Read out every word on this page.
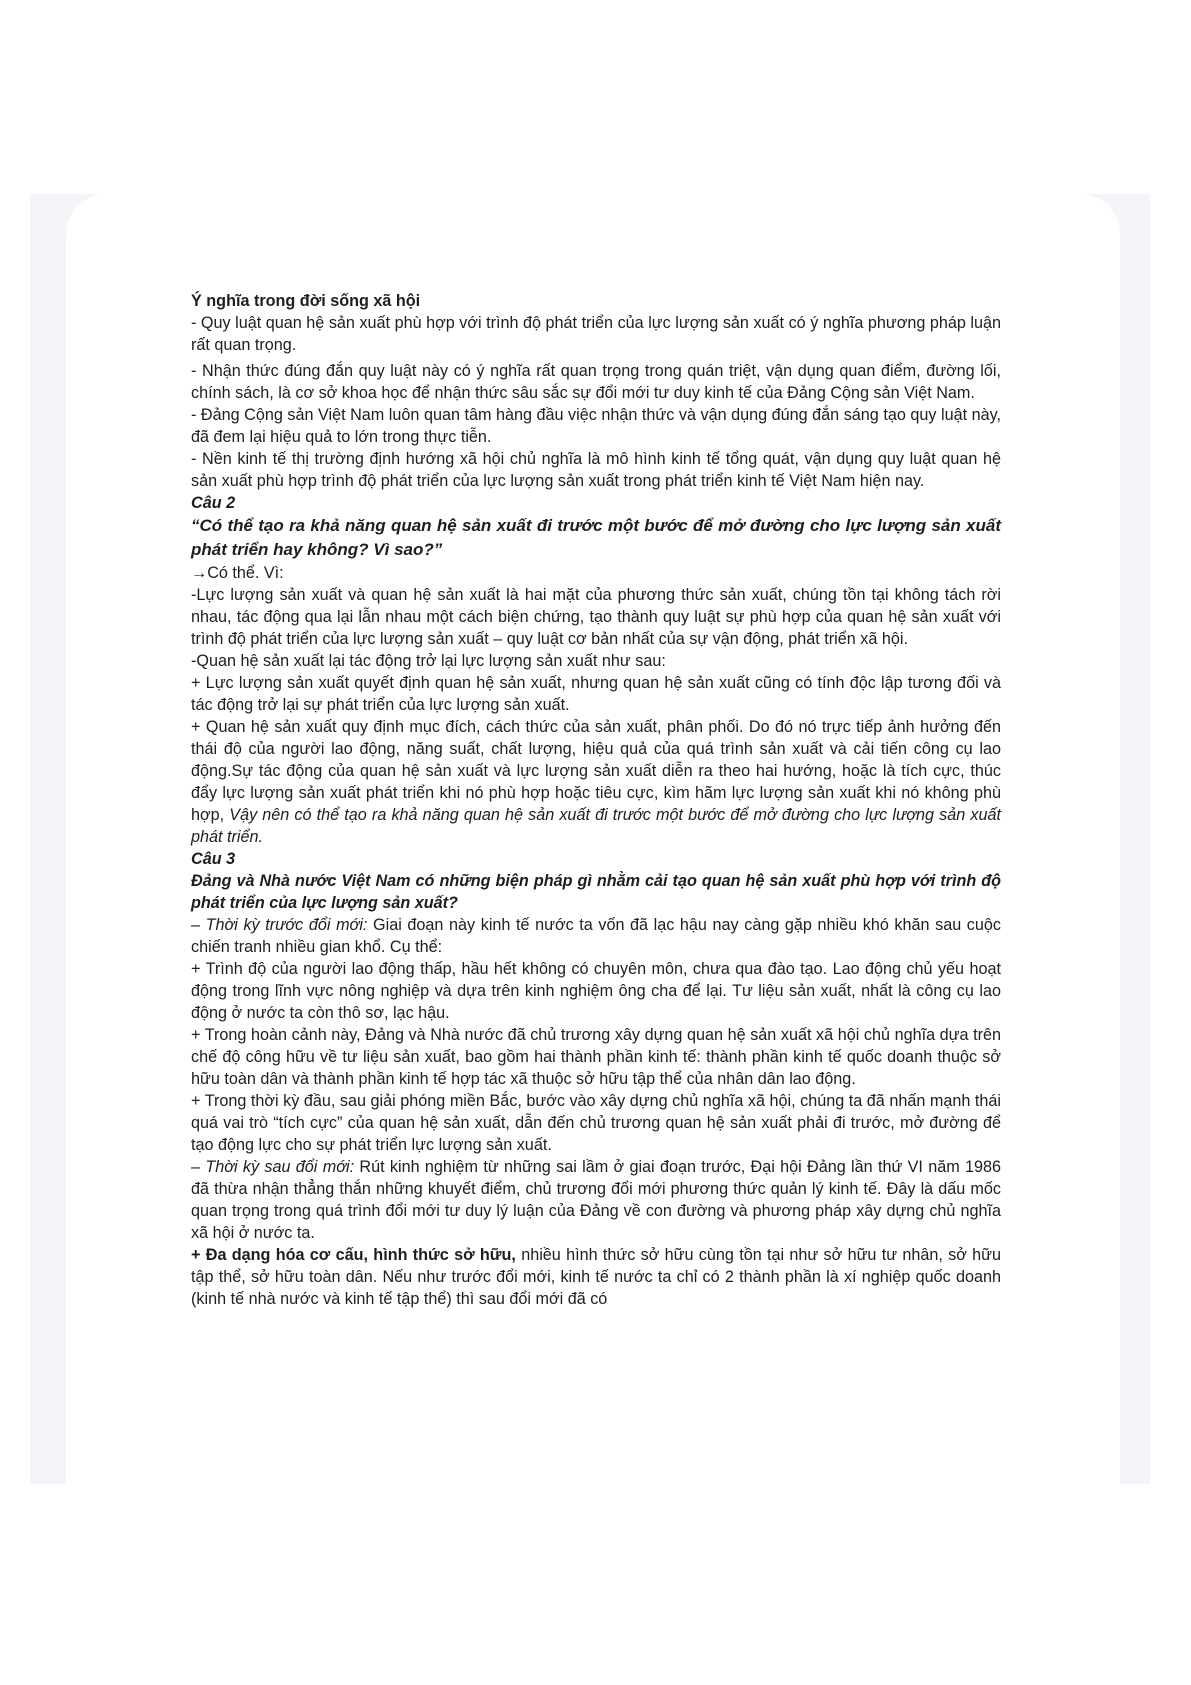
Ý nghĩa trong đời sống xã hội

- Quy luật quan hệ sản xuất phù hợp với trình độ phát triển của lực lượng sản xuất có ý nghĩa phương pháp luận rất quan trọng.

- Nhận thức đúng đắn quy luật này có ý nghĩa rất quan trọng trong quán triệt, vận dụng quan điểm, đường lối, chính sách, là cơ sở khoa học để nhận thức sâu sắc sự đổi mới tư duy kinh tế của Đảng Cộng sản Việt Nam.

- Đảng Cộng sản Việt Nam luôn quan tâm hàng đầu việc nhận thức và vận dụng đúng đắn sáng tạo quy luật này, đã đem lại hiệu quả to lớn trong thực tiễn.

- Nền kinh tế thị trường định hướng xã hội chủ nghĩa là mô hình kinh tế tổng quát, vận dụng quy luật quan hệ sản xuất phù hợp trình độ phát triển của lực lượng sản xuất trong phát triển kinh tế Việt Nam hiện nay.

Câu 2

“Có thể tạo ra khả năng quan hệ sản xuất đi trước một bước để mở đường cho lực lượng sản xuất phát triển hay không? Vì sao?”

→Có thể. Vì:

-Lực lượng sản xuất và quan hệ sản xuất là hai mặt của phương thức sản xuất, chúng tồn tại không tách rời nhau, tác động qua lại lẫn nhau một cách biện chứng, tạo thành quy luật sự phù hợp của quan hệ sản xuất với trình độ phát triển của lực lượng sản xuất – quy luật cơ bản nhất của sự vận động, phát triển xã hội.

-Quan hệ sản xuất lại tác động trở lại lực lượng sản xuất như sau:

+ Lực lượng sản xuất quyết định quan hệ sản xuất, nhưng quan hệ sản xuất cũng có tính độc lập tương đối và tác động trở lại sự phát triển của lực lượng sản xuất.

+ Quan hệ sản xuất quy định mục đích, cách thức của sản xuất, phân phối. Do đó nó trực tiếp ảnh hưởng đến thái độ của người lao động, năng suất, chất lượng, hiệu quả của quá trình sản xuất và cải tiến công cụ lao động.Sự tác động của quan hệ sản xuất và lực lượng sản xuất diễn ra theo hai hướng, hoặc là tích cực, thúc đẩy lực lượng sản xuất phát triển khi nó phù hợp hoặc tiêu cực, kìm hãm lực lượng sản xuất khi nó không phù hợp, Vậy nên có thể tạo ra khả năng quan hệ sản xuất đi trước một bước để mở đường cho lực lượng sản xuất phát triển.

Câu 3

Đảng và Nhà nước Việt Nam có những biện pháp gì nhằm cải tạo quan hệ sản xuất phù hợp với trình độ phát triển của lực lượng sản xuất?

– Thời kỳ trước đổi mới: Giai đoạn này kinh tế nước ta vốn đã lạc hậu nay càng gặp nhiều khó khăn sau cuộc chiến tranh nhiều gian khổ. Cụ thể:

+ Trình độ của người lao động thấp, hầu hết không có chuyên môn, chưa qua đào tạo. Lao động chủ yếu hoạt động trong lĩnh vực nông nghiệp và dựa trên kinh nghiệm ông cha để lại. Tư liệu sản xuất, nhất là công cụ lao động ở nước ta còn thô sơ, lạc hậu.

+ Trong hoàn cảnh này, Đảng và Nhà nước đã chủ trương xây dựng quan hệ sản xuất xã hội chủ nghĩa dựa trên chế độ công hữu về tư liệu sản xuất, bao gồm hai thành phần kinh tế: thành phần kinh tế quốc doanh thuộc sở hữu toàn dân và thành phần kinh tế hợp tác xã thuộc sở hữu tập thể của nhân dân lao động.

+ Trong thời kỳ đầu, sau giải phóng miền Bắc, bước vào xây dựng chủ nghĩa xã hội, chúng ta đã nhấn mạnh thái quá vai trò “tích cực” của quan hệ sản xuất, dẫn đến chủ trương quan hệ sản xuất phải đi trước, mở đường để tạo động lực cho sự phát triển lực lượng sản xuất.

– Thời kỳ sau đổi mới: Rút kinh nghiệm từ những sai lầm ở giai đoạn trước, Đại hội Đảng lần thứ VI năm 1986 đã thừa nhận thẳng thắn những khuyết điểm, chủ trương đổi mới phương thức quản lý kinh tế. Đây là dấu mốc quan trọng trong quá trình đổi mới tư duy lý luận của Đảng về con đường và phương pháp xây dựng chủ nghĩa xã hội ở nước ta.

+ Đa dạng hóa cơ cấu, hình thức sở hữu, nhiều hình thức sở hữu cùng tồn tại như sở hữu tư nhân, sở hữu tập thể, sở hữu toàn dân. Nếu như trước đổi mới, kinh tế nước ta chỉ có 2 thành phần là xí nghiệp quốc doanh (kinh tế nhà nước và kinh tế tập thể) thì sau đổi mới đã có
